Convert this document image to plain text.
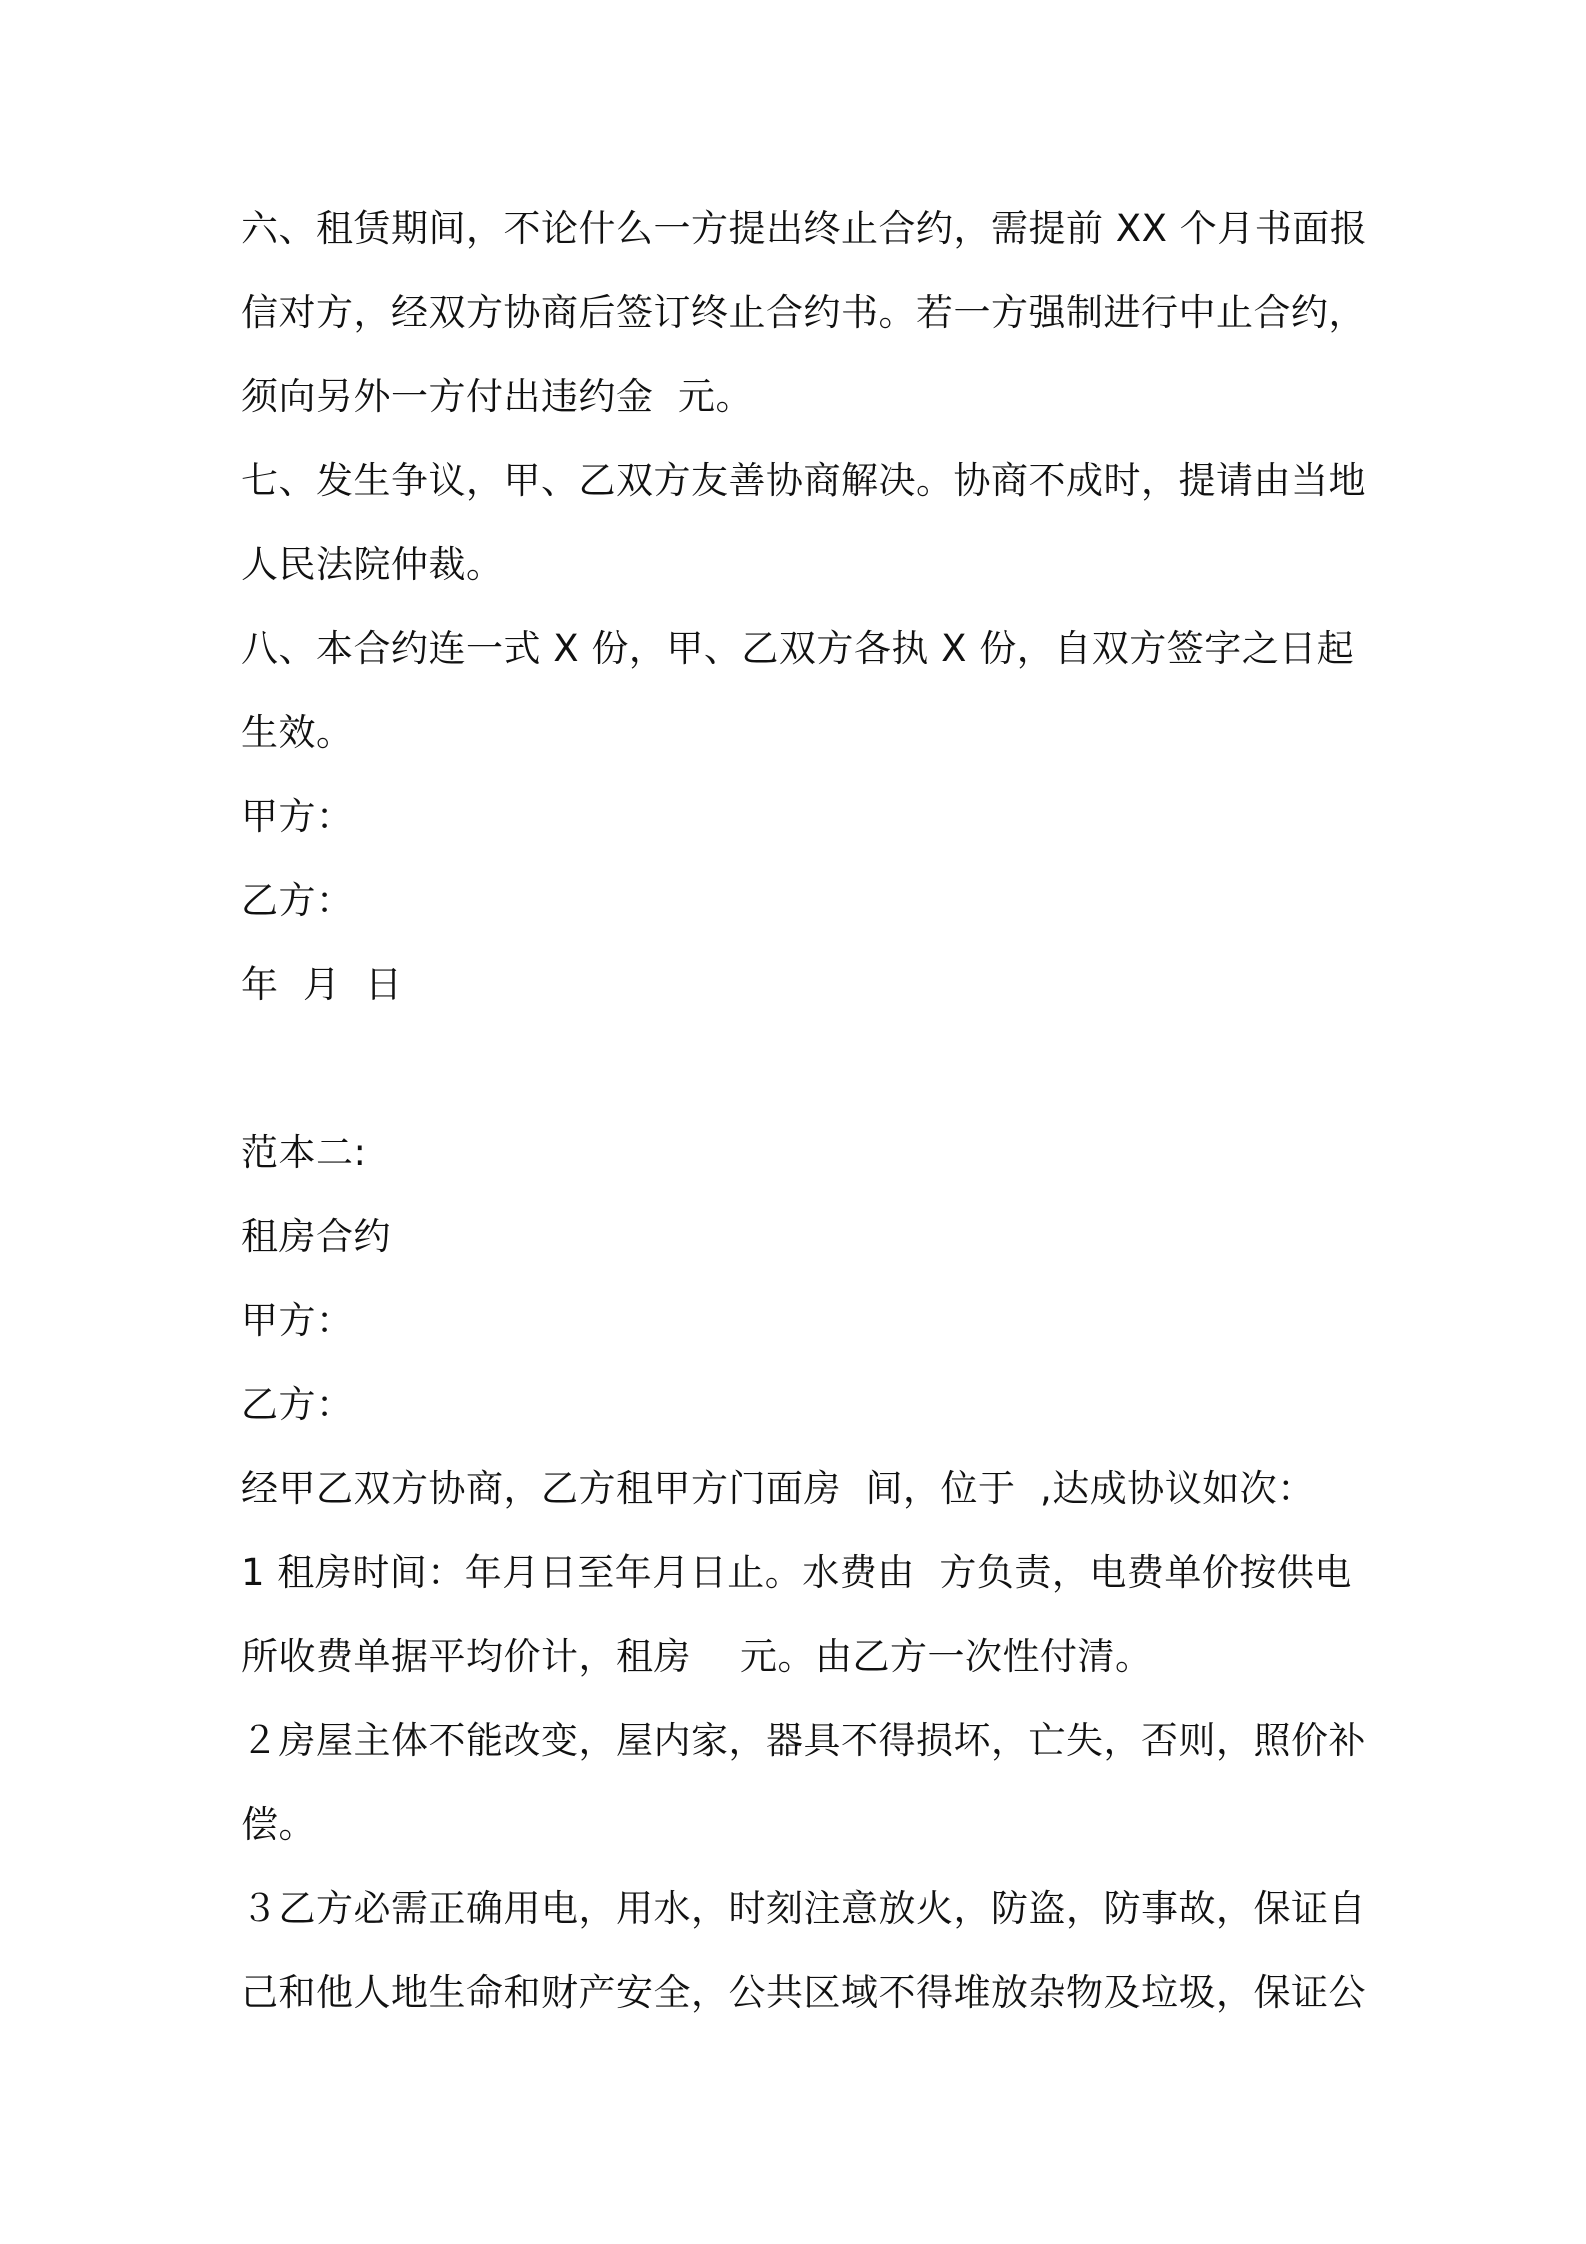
六、租赁期间，不论什么一方提出终止合约，需提前 XX 个月书面报

信对方，经双方协商后签订终止合约书。若一方强制进行中止合约，

须向另外一方付出违约金  元。

七、发生争议，甲、乙双方友善协商解决。协商不成时，提请由当地

人民法院仲裁。

八、本合约连一式 X 份，甲、乙双方各执 X 份，自双方签字之日起

生效。

甲方：

乙方：

年  月  日

范本二:

租房合约

甲方：

乙方：

经甲乙双方协商，乙方租甲方门面房  间，位于  ,达成协议如次：

1 租房时间：年月日至年月日止。水费由  方负责，电费单价按供电

所收费单据平均价计，租房    元。由乙方一次性付清。

２房屋主体不能改变，屋内家，器具不得损坏，亡失，否则，照价补

偿。

３乙方必需正确用电，用水，时刻注意放火，防盗，防事故，保证自

己和他人地生命和财产安全，公共区域不得堆放杂物及垃圾，保证公
